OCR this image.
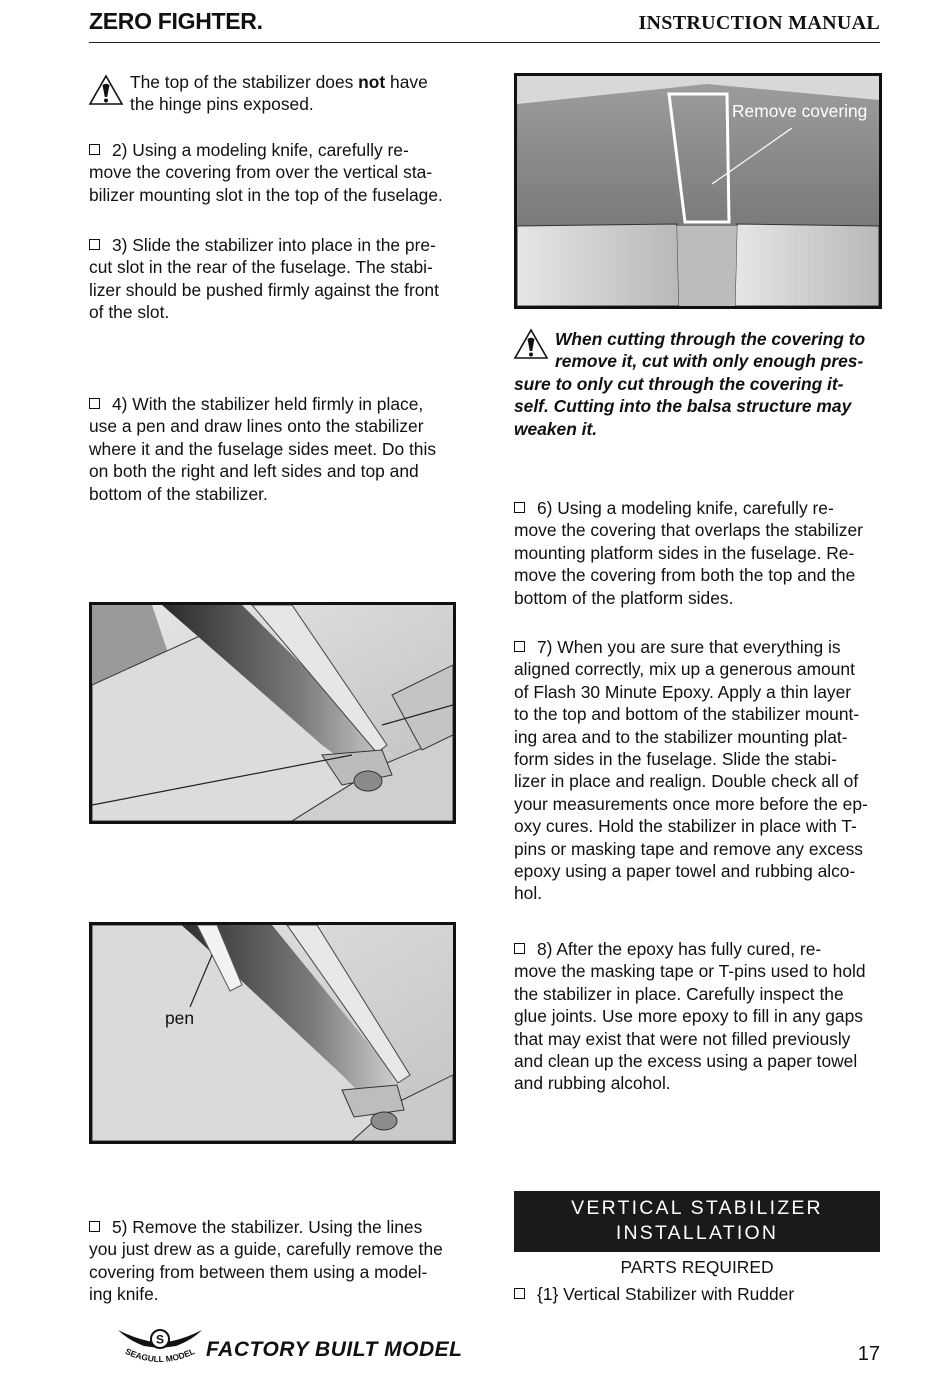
ZERO FIGHTER.	INSTRUCTION MANUAL
The top of the stabilizer does not have
the hinge pins exposed.
2) Using a modeling knife, carefully re-
move the covering from over the vertical sta-
bilizer mounting slot in the top of the fuselage.
3) Slide the stabilizer into place in the pre-
cut slot in the rear of the fuselage. The stabi-
lizer should be pushed firmly against the front
of the slot.
4) With the stabilizer held firmly in place,
use a pen and draw lines onto the stabilizer
where it and the fuselage sides meet. Do this
on both the right and left sides and top and
bottom of the stabilizer.
pen
5) Remove the stabilizer. Using the lines
you just drew as a guide, carefully remove the
covering from between them using a model-
ing knife.
Remove covering
When cutting through the covering to
remove it, cut with only enough pres-
sure to only cut through the covering it-
self. Cutting into the balsa structure may
weaken it.
6) Using a modeling knife, carefully re-
move the covering that overlaps the stabilizer
mounting platform sides in the fuselage. Re-
move the covering from both the top and the
bottom of the platform sides.
7) When you are sure that everything is
aligned correctly, mix up a generous amount
of Flash 30 Minute Epoxy. Apply a thin layer
to the top and bottom of the stabilizer mount-
ing area and to the stabilizer mounting plat-
form sides in the fuselage. Slide the stabi-
lizer in place and realign. Double check all of
your measurements once more before the ep-
oxy cures. Hold the stabilizer in place with T-
pins or masking tape and remove any excess
epoxy using a paper towel and rubbing alco-
hol.
8) After the epoxy has fully cured, re-
move the masking tape or T-pins used to hold
the stabilizer in place. Carefully inspect the
glue joints. Use more epoxy to fill in any gaps
that may exist that were not filled previously
and clean up the excess using a paper towel
and rubbing alcohol.
VERTICAL STABILIZER
INSTALLATION
PARTS REQUIRED
{1} Vertical Stabilizer with Rudder
S
SEAGULL MODEL FACTORY BUILT MODEL	17
